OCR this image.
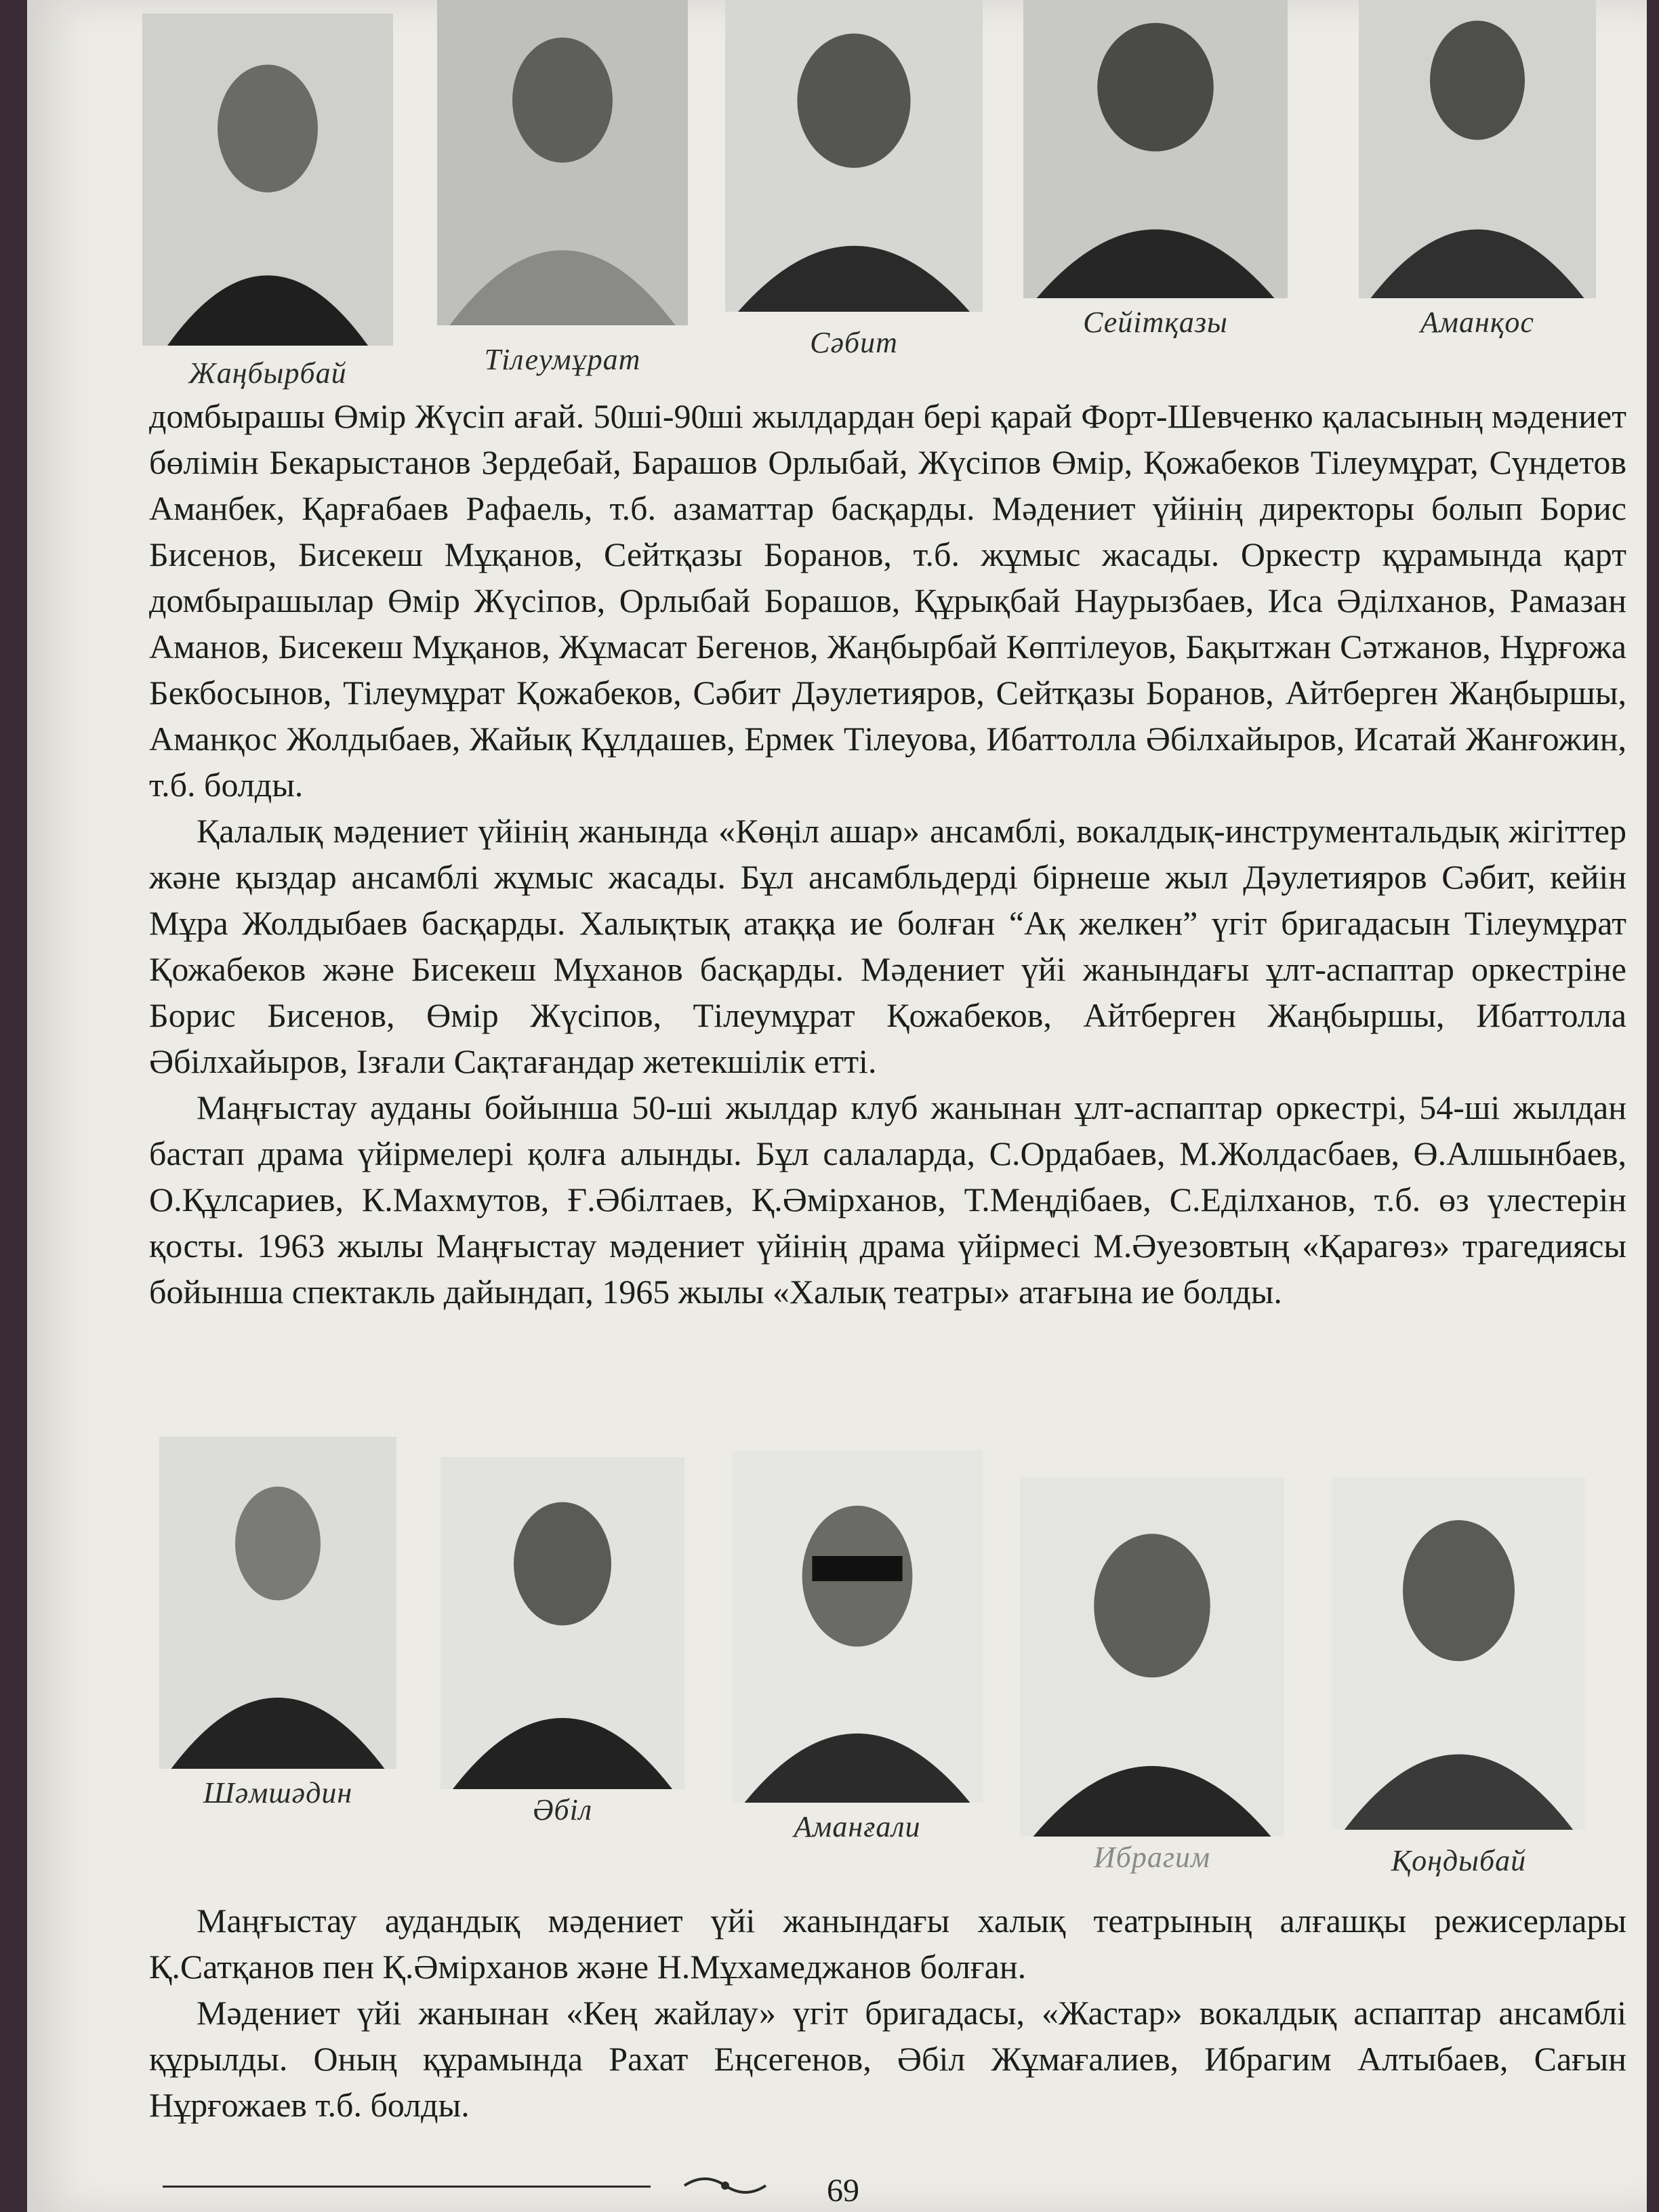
Жаңбырбай	Тілеумұрат
Сәбит
Сейітқазы	Аманқос

домбырашы Өмір Жүсіп ағай. 50ші-90шi жылдардан бері қарай Форт-Шевченко қаласының мәдениет бөлімін Бекарыстанов Зердебай, Барашов Орлыбай, Жүсіпов Өмір, Қожабеков Тілеумұрат, Сүндетов Аманбек, Қарғабаев Рафаель, т.б. азаматтар басқарды. Мәдениет үйінің директоры болып Борис Бисенов, Бисекеш Мұқанов, Сейтқазы Боранов, т.б. жұмыс жасады. Оркестр құрамында қарт домбырашылар Өмір Жүсіпов, Орлыбай Борашов, Құрықбай Наурызбаев, Иса Әділханов, Рамазан Аманов, Бисекеш Мұқанов, Жұмасат Бегенов, Жаңбырбай Көптілеуов, Бақытжан Сәтжанов, Нұрғожа Бекбосынов, Тілеумұрат Қожабеков, Сәбит Дәулетияров, Сейтқазы Боранов, Айтберген Жаңбыршы, Аманқос Жолдыбаев, Жайық Құлдашев, Ермек Тілеуова, Ибаттолла Әбілхайыров, Исатай Жанғожин, т.б. болды.

Қалалық мәдениет үйінің жанында «Көңіл ашар» ансамблі, вокалдық-инструментальдық жігіттер және қыздар ансамблі жұмыс жасады. Бұл ансамбльдерді бірнеше жыл Дәулетияров Сәбит, кейін Мұра Жолдыбаев басқарды. Халықтық атаққа ие болған “Ақ желкен” үгіт бригадасын Тілеумұрат Қожабеков және Бисекеш Мұханов басқарды. Мәдениет үйі жанындағы ұлт-аспаптар оркестріне Борис Бисенов, Өмір Жүсіпов, Тілеумұрат Қожабеков, Айтберген Жаңбыршы, Ибаттолла Әбілхайыров, Ізғали Сақтағандар жетекшілік етті.

Маңғыстау ауданы бойынша 50-ші жылдар клуб жанынан ұлт-аспаптар оркестрі, 54-ші жылдан бастап драма үйірмелері қолға алынды. Бұл салаларда, С.Ордабаев, М.Жолдасбаев, Ө.Алшынбаев, О.Құлсариев, К.Махмутов, Ғ.Әбілтаев, Қ.Әмірханов, Т.Меңдібаев, С.Еділханов, т.б. өз үлестерін қосты. 1963 жылы Маңғыстау мәдениет үйінің драма үйірмесі М.Әуезовтың «Қарагөз» трагедиясы бойынша спектакль дайындап, 1965 жылы «Халық театры» атағына ие болды.

Шәмшәдин
Әбіл
Аманғали
Ибрагим	Қоңдыбай

Маңғыстау аудандық мәдениет үйі жанындағы халық театрының алғашқы режисерлары Қ.Сатқанов пен Қ.Әмірханов және Н.Мұхамеджанов болған.

Мәдениет үйі жанынан «Кең жайлау» үгіт бригадасы, «Жастар» вокалдық аспаптар ансамблі құрылды. Оның құрамында Рахат Еңсегенов, Әбіл Жұмағалиев, Ибрагим Алтыбаев, Сағын Нұрғожаев т.б. болды.

69
